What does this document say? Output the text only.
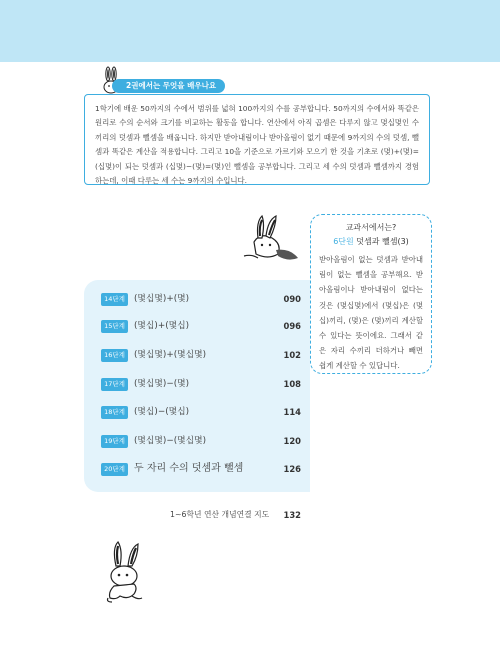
2권에서는 무엇을 배우나요
1학기에 배운 50까지의 수에서 범위를 넓혀 100까지의 수를 공부합니다. 50까지의 수에서와 똑같은 원리로 수의 순서와 크기를 비교하는 활동을 합니다. 연산에서 아직 곱셈은 다루지 않고 몇십몇인 수끼리의 덧셈과 뺄셈을 배웁니다. 하지만 받아내림이나 받아올림이 없기 때문에 9까지의 수의 덧셈, 뺄셈과 똑같은 계산을 적용합니다. 그리고 10을 기준으로 가르기와 모으기 한 것을 기초로 (몇)+(몇)=(십몇)이 되는 덧셈과 (십몇)−(몇)=(몇)인 뺄셈을 공부합니다. 그리고 세 수의 덧셈과 뺄셈까지 경험하는데, 이때 다루는 세 수는 9까지의 수입니다.
교과서에서는?
6단원 덧셈과 뺄셈(3)
받아올림이 없는 덧셈과 받아내림이 없는 뺄셈을 공부해요. 받아올림이나 받아내림이 없다는 것은 (몇십몇)에서 (몇십)은 (몇십)끼리, (몇)은 (몇)끼리 계산할 수 있다는 뜻이에요. 그래서 같은 자리 수끼리 더하거나 빼면 쉽게 계산할 수 있답니다.
14단계	(몇십몇)+(몇)	090
15단계	(몇십)+(몇십)	096
16단계	(몇십몇)+(몇십몇)	102
17단계	(몇십몇)−(몇)	108
18단계	(몇십)−(몇십)	114
19단계	(몇십몇)−(몇십몇)	120
20단계 두 자리 수의 덧셈과 뺄셈	126
1~6학년 연산 개념연결 지도	132
